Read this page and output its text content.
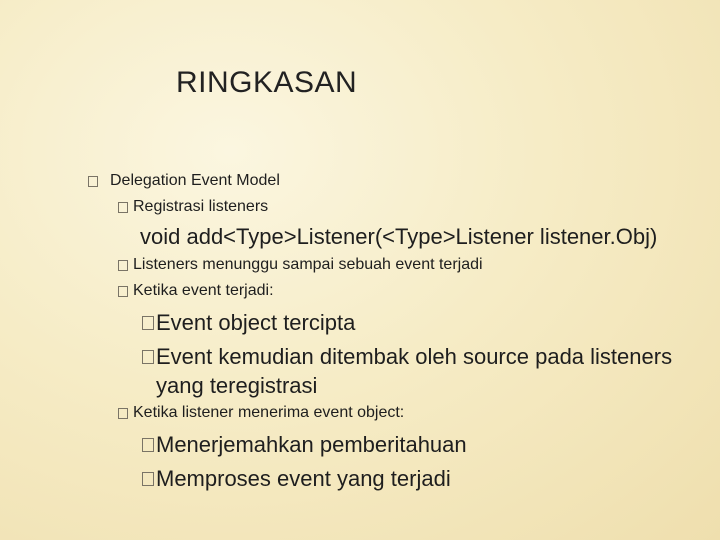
RINGKASAN
Delegation Event Model
Registrasi listeners
void add<Type>Listener(<Type>Listener listener.Obj)
Listeners menunggu sampai sebuah event terjadi
Ketika event terjadi:
Event object tercipta
Event kemudian ditembak oleh source pada listeners
yang teregistrasi
Ketika listener menerima event object:
Menerjemahkan pemberitahuan
Memproses event yang terjadi
